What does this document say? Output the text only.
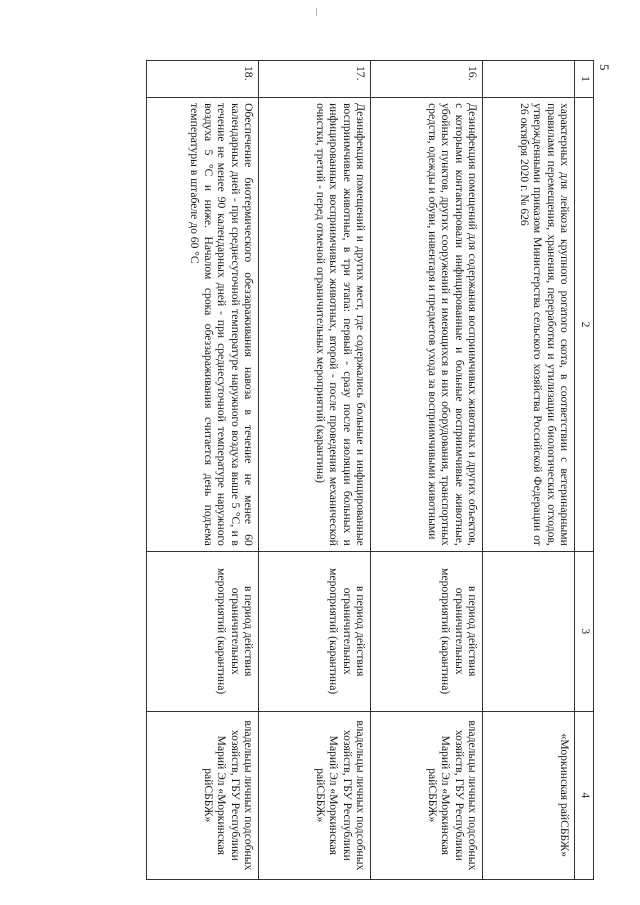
5
1	2	3	4
	характерных для лейкоза крупного рогатого скота, в соответствии с ветеринарными правилами перемещения, хранения, переработки и утилизации биологических отходов, утвержденными приказом Министерства сельского хозяйства Российской Федерации от 26 октября 2020 г. № 626		«Моркинская райСББЖ»
16.	Дезинфекция помещений для содержания восприимчивых животных и других объектов, с которыми контактировали инфицированные и больные восприимчивые животные, убойных пунктов, других сооружений и имеющихся в них оборудования, транспортных средств, одежды и обуви, инвентаря и предметов ухода за восприимчивыми животными	в период действия ограничительных мероприятий (карантина)	владельцы личных подсобных хозяйств, ГБУ Республики Марий Эл «Моркинская райСББЖ»
17.	Дезинфекция помещений и других мест, где содержались больные и инфицированные восприимчивые животные, в три этапа: первый - сразу после изоляции больных и инфицированных восприимчивых животных, второй - после проведения механической очистки, третий - перед отменой ограничительных мероприятий (карантина)	в период действия ограничительных мероприятий (карантина)	владельцы личных подсобных хозяйств, ГБУ Республики Марий Эл «Моркинская райСББЖ»
18.	Обеспечение биотермического обеззараживания навоза в течение не менее 60 календарных дней - при среднесуточной температуре наружного воздуха выше 5 °С, и в течение не менее 90 календарных дней - при среднесуточной температуре наружного воздуха 5 °С и ниже. Началом срока обеззараживания считается день подъема температуры в штабеле до 60 °С	в период действия ограничительных мероприятий (карантина)	владельцы личных подсобных хозяйств, ГБУ Республики Марий Эл «Моркинская райСББЖ»
